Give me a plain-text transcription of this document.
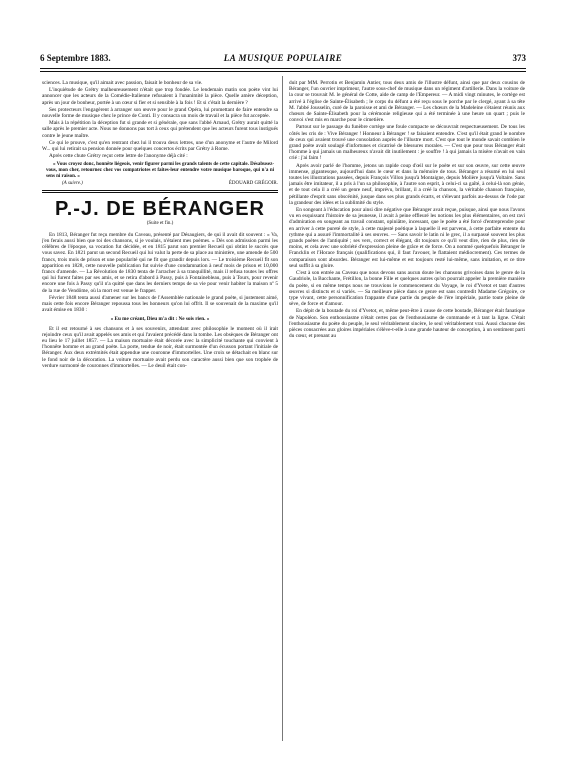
6 Septembre 1883.	LA MUSIQUE POPULAIRE	373

sciences. La musique, qu'il aimait avec passion, faisait le bonheur de sa vie.

L'inquiétude de Grétry malheureusement n'était que trop fondée. Le lendemain matin son poète vint lui annoncer que les acteurs de la Comédie-Italienne refusaient à l'unanimité la pièce. Quelle amère déception, après un jour de bonheur, portée à un cœur si fier et si sensible à la fois ! Et si c'était la dernière ?

Ses protecteurs l'engagèrent à arranger son œuvre pour le grand Opéra, lui promettant de faire entendre sa nouvelle forme de musique chez le prince de Conti. Il y consacra un mois de travail et la pièce fut acceptée.

Mais à la répétition la déception fut si grande et si générale, que sans l'abbé Arnaud, Grétry aurait quitté la salle après le premier acte. Nous ne donnons pas tort à ceux qui prétendent que les acteurs furent tous instigués contre le jeune maître.

Ce qui le prouve, c'est qu'en rentrant chez lui il trouva deux lettres, une d'un anonyme et l'autre de Milord W... qui lui retirait sa pension donnée pour quelques concertos écrits par Grétry à Rome.

Après cette chute Grétry reçut cette lettre de l'anonyme déjà cité :

« Vous croyez donc, honnête liégeois, venir figurer parmi les grands talents de cette capitale. Désabusez-vous, mon cher, retournez chez vos compatriotes et faites-leur entendre votre musique baroque, qui n'a ni sens ni raison. »

(A suivre.)	ÉDOUARD GRÉGOIR.
P.-J. DE BÉRANGER
(Suite et fin.)

En 1813, Béranger fut reçu membre du Caveau, présenté par Désaugiers, de qui il avait dit souvent : « Va, j'en ferais aussi bien que toi des chansons, si je voulais, n'étaient mes poèmes. » Dès son admission parmi les célèbres de l'époque, sa vocation fut décidée, et en 1815 parut son premier Recueil qui obtint le succès que vous savez. En 1821 parut un second Recueil qui lui valut la perte de sa place au ministère, une amende de 500 francs, trois mois de prison et une popularité qui ne fit que grandir depuis lors. — Le troisième Recueil fit son apparition en 1828, cette nouvelle publication fut suivie d'une condamnation à neuf mois de prison et 10,000 francs d'amende. — La Révolution de 1830 tenta de l'arracher à sa tranquillité, mais il refusa toutes les offres qui lui furent faites par ses amis, et se retira d'abord à Passy, puis à Fontainebleau, puis à Tours, pour revenir encore une fois à Passy qu'il n'a quitté que dans les derniers temps de sa vie pour venir habiter la maison nº 5 de la rue de Vendôme, où la mort est venue le frapper.

Février 1848 tenta aussi d'amener sur les bancs de l'Assemblée nationale le grand poète, si justement aimé, mais cette fois encore Béranger repoussa tous les honneurs qu'on lui offrit. Il se souvenait de la maxime qu'il avait émise en 1830 :

« Eu me créant, Dieu m'a dit : Ne sois rien. »

Et il est retourné à ses chansons et à ses souvenirs, attendant avec philosophie le moment où il irait rejoindre ceux qu'il avait appelés ses amis et qui l'avaient précédé dans la tombe. Les obsèques de Béranger ont eu lieu le 17 juillet 1857. — La maison mortuaire était décorée avec la simplicité touchante qui convient à l'honnête homme et au grand poète. La porte, tendue de noir, était surmontée d'un écusson portant l'initiale de Béranger. Aux deux extrémités était appendue une couronne d'immortelles. Une croix se détachait en blanc sur le fond noir de la décoration. La voiture mortuaire avait perdu son caractère aussi bien que son trophée de verdure surmonté de couronnes d'immortelles. — Le deuil était con-

duit par MM. Perrotin et Benjamin Antier, tous deux amis de l'illustre défunt, ainsi que par deux cousins de Béranger, l'un ouvrier imprimeur, l'autre sous-chef de musique dans un régiment d'artillerie. Dans la voiture de la cour se trouvait M. le général de Cotte, aide de camp de l'Empereur. — A midi vingt minutes, le cortège est arrivé à l'église de Sainte-Élisabeth ; le corps du défunt a été reçu sous le porche par le clergé, ayant à sa tête M. l'abbé Jousselin, curé de la paroisse et ami de Béranger. — Les chœurs de la Madeleine s'étaient réunis aux chœurs de Sainte-Élisabeth pour la cérémonie religieuse qui a été terminée à une heure un quart ; puis le convoi s'est mis en marche pour le cimetière.

Partout sur le passage du funèbre cortège une foule compacte se découvrait respectueusement. De tous les côtés les cris de : Vive Béranger ! Honneur à Béranger ! se faisaient entendre. C'est qu'il était grand le nombre de ceux qui avaient trouvé une consolation auprès de l'illustre mort. C'est que tout le monde savait combien le grand poète avait soulagé d'infortunes et cicatrisé de blessures morales. — C'est que pour tous Béranger était l'homme à qui jamais un malheureux n'avait dit inutilement : je souffre ! à qui jamais la misère n'avait en vain crié : j'ai faim !

Après avoir parlé de l'homme, jetons un rapide coup d'œil sur le poète et sur son œuvre, sur cette œuvre immense, gigantesque, aujourd'hui dans le cœur et dans la mémoire de tous. Béranger a résumé en lui seul toutes les illustrations passées, depuis François Villon jusqu'à Montaigne, depuis Molière jusqu'à Voltaire. Sans jamais être imitateur, il a pris à l'un sa philosophie, à l'autre son esprit, à celui-ci sa gaîté, à celui-là son génie, et de tout cela il a créé un genre neuf, imprévu, brillant, il a créé la chanson, la véritable chanson française, pétillante d'esprit sans obscénité, jusque dans ses plus grands écarts, et s'élevant parfois au-dessus de l'ode par la grandeur des idées et la sublimité du style.

En songeant à l'éducation pour ainsi dire négative que Béranger avait reçue, puisque, ainsi que nous l'avons vu en esquissant l'histoire de sa jeunesse, il avait à peine effleuré les notions les plus élémentaires, on est ravi d'admiration en songeant au travail constant, opiniâtre, incessant, que le poète a été forcé d'entreprendre pour en arriver à cette pureté de style, à cette majesté poétique à laquelle il est parvenu, à cette parfaite entente du rythme qui a assuré l'immortalité à ses œuvres. — Sans savoir le latin ni le grec, il a surpassé souvent les plus grands poètes de l'antiquité ; ses vers, correct et élégant, dit toujours ce qu'il veut dire, rien de plus, rien de moins, et cela avec une sobriété d'expression pleine de grâce et de force. On a nommé quelquefois Béranger le Francklin et l'Horace français (qualifications qui, il faut l'avouer, le flattaient médiocrement). Ces termes de comparaison sont absurdes. Béranger est lui-même et est toujours resté lui-même, sans imitation, et ce titre seul suffit à sa gloire.

C'est à son entrée au Caveau que nous devons sans aucun doute les chansons grivoises dans le genre de la Gaudriole, la Bacchante, Frétillon, la bonne Fille et quelques autres qu'on pourrait appeler la première manière du poète, si en même temps nous ne trouvions le commencement du Voyage, le roi d'Yvetot et tant d'autres œuvres si distincts et si variés. — Sa meilleure pièce dans ce genre est sans contredit Madame Grégoire, ce type vivant, cette personnification frappante d'une partie du peuple de l'ère impériale, partie toute pleine de sève, de force et d'amour.

En dépit de la boutade du roi d'Yvetot, et, même peut-être à cause de cette boutade, Béranger était fanatique de Napoléon. Son enthousiasme n'était certes pas de l'enthousiasme de commande et à tant la ligne. C'était l'enthousiasme du poète du peuple, le seul véritablement sincère, le seul véritablement vrai. Aussi chacune des pièces consacrées aux gloires impériales s'élève-t-elle à une grande hauteur de conception, à un sentiment parti du cœur, et prenant au
